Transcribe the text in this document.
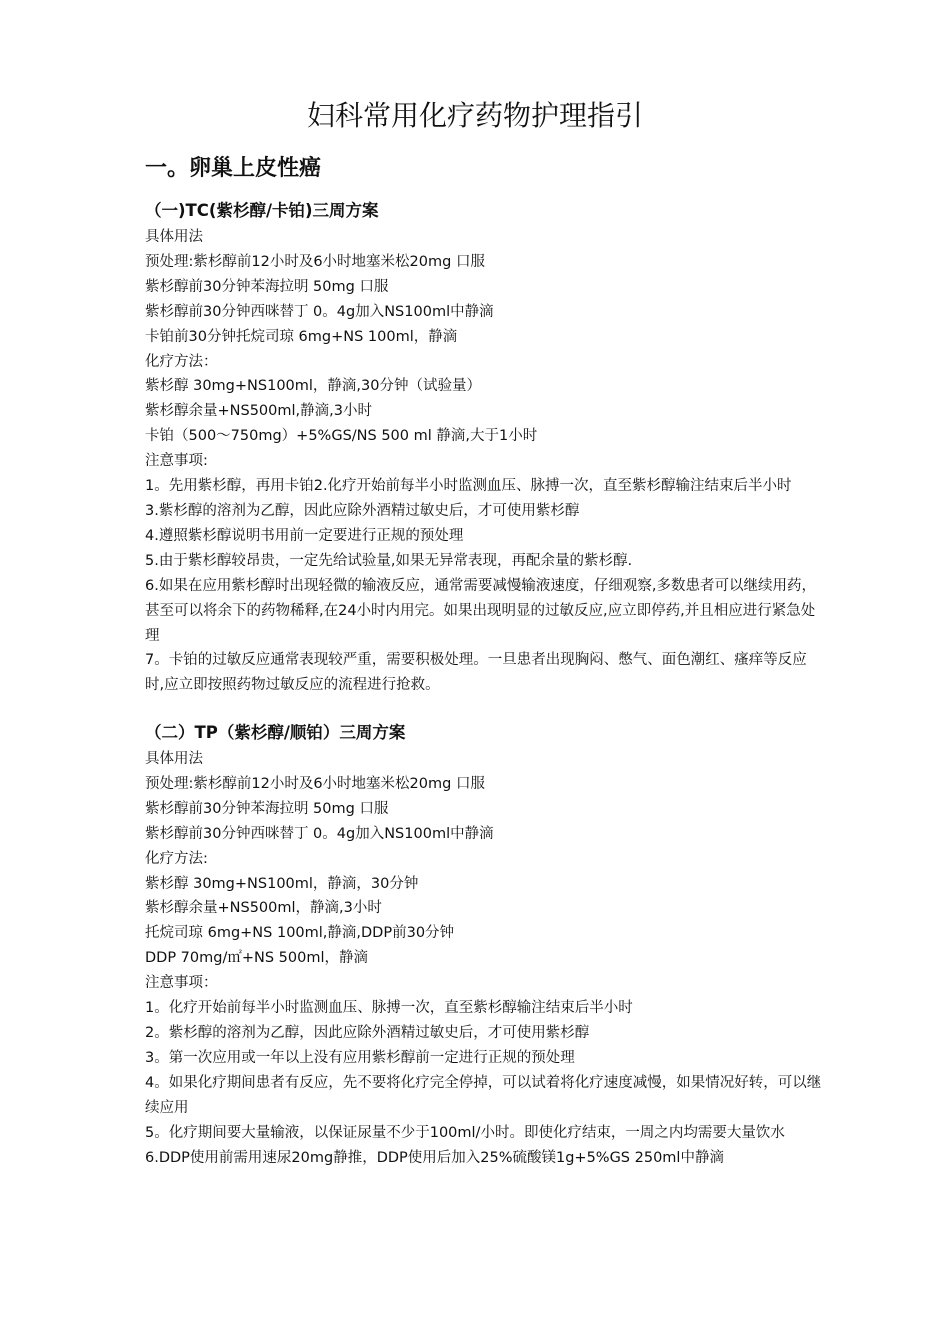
妇科常用化疗药物护理指引
一。卵巢上皮性癌
（一)TC(紫杉醇/卡铂)三周方案
具体用法
预处理:紫杉醇前12小时及6小时地塞米松20mg 口服
紫杉醇前30分钟苯海拉明 50mg 口服
紫杉醇前30分钟西咪替丁 0。4g加入NS100ml中静滴
卡铂前30分钟托烷司琼 6mg+NS 100ml，静滴
化疗方法：
紫杉醇 30mg+NS100ml，静滴,30分钟（试验量）
紫杉醇余量+NS500ml,静滴,3小时
卡铂（500～750mg）+5%GS/NS 500 ml 静滴,大于1小时
注意事项:
1。先用紫杉醇，再用卡铂2.化疗开始前每半小时监测血压、脉搏一次，直至紫杉醇输注结束后半小时
3.紫杉醇的溶剂为乙醇，因此应除外酒精过敏史后，才可使用紫杉醇
4.遵照紫杉醇说明书用前一定要进行正规的预处理
5.由于紫杉醇较昂贵，一定先给试验量,如果无异常表现，再配余量的紫杉醇.
6.如果在应用紫杉醇时出现轻微的输液反应，通常需要减慢输液速度，仔细观察,多数患者可以继续用药，甚至可以将余下的药物稀释,在24小时内用完。如果出现明显的过敏反应,应立即停药,并且相应进行紧急处理
7。卡铂的过敏反应通常表现较严重，需要积极处理。一旦患者出现胸闷、憋气、面色潮红、瘙痒等反应时,应立即按照药物过敏反应的流程进行抢救。
（二）TP（紫杉醇/顺铂）三周方案
具体用法
预处理:紫杉醇前12小时及6小时地塞米松20mg 口服
紫杉醇前30分钟苯海拉明 50mg 口服
紫杉醇前30分钟西咪替丁 0。4g加入NS100ml中静滴
化疗方法:
紫杉醇 30mg+NS100ml，静滴，30分钟
紫杉醇余量+NS500ml，静滴,3小时
托烷司琼 6mg+NS 100ml,静滴,DDP前30分钟
DDP 70mg/㎡+NS 500ml，静滴
注意事项：
1。化疗开始前每半小时监测血压、脉搏一次，直至紫杉醇输注结束后半小时
2。紫杉醇的溶剂为乙醇，因此应除外酒精过敏史后，才可使用紫杉醇
3。第一次应用或一年以上没有应用紫杉醇前一定进行正规的预处理
4。如果化疗期间患者有反应，先不要将化疗完全停掉，可以试着将化疗速度减慢，如果情况好转，可以继续应用
5。化疗期间要大量输液，以保证尿量不少于100ml/小时。即使化疗结束，一周之内均需要大量饮水
6.DDP使用前需用速尿20mg静推，DDP使用后加入25%硫酸镁1g+5%GS 250ml中静滴
